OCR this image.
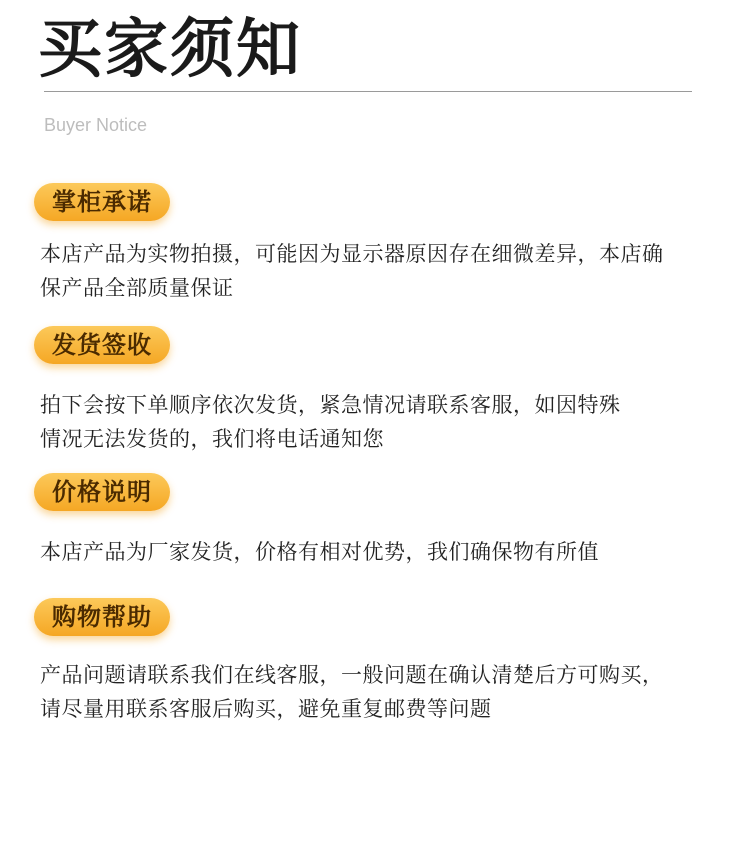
买家须知
Buyer Notice
掌柜承诺

本店产品为实物拍摄，可能因为显示器原因存在细微差异，本店确

保产品全部质量保证

发货签收

拍下会按下单顺序依次发货，紧急情况请联系客服，如因特殊

情况无法发货的，我们将电话通知您

价格说明

本店产品为厂家发货，价格有相对优势，我们确保物有所值

购物帮助

产品问题请联系我们在线客服，一般问题在确认清楚后方可购买，

请尽量用联系客服后购买，避免重复邮费等问题
